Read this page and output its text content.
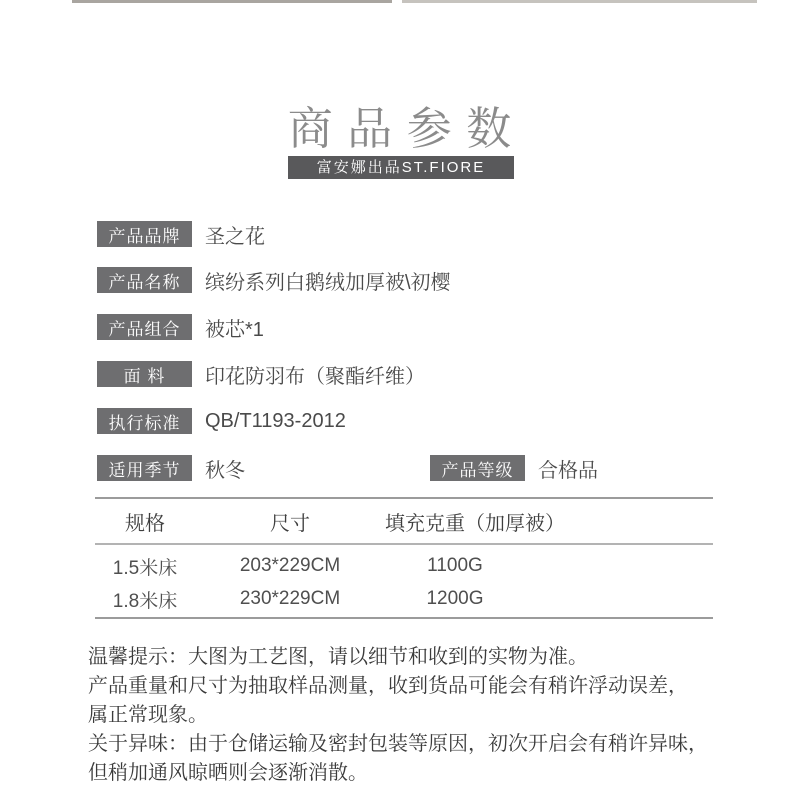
商 品 参 数
富安娜出品ST.FIORE
产品品牌	圣之花
产品名称	缤纷系列白鹅绒加厚被\初樱
产品组合	被芯*1
面 料	印花防羽布（聚酯纤维）
执行标准	QB/T1193-2012
适用季节	秋冬	产品等级	合格品
规格	尺寸	填充克重（加厚被）	
1.5米床	203*229CM	1100G	
1.8米床	230*229CM	1200G	
温馨提示：大图为工艺图，请以细节和收到的实物为准。
产品重量和尺寸为抽取样品测量，收到货品可能会有稍许浮动误差，
属正常现象。
关于异味：由于仓储运输及密封包装等原因，初次开启会有稍许异味，
但稍加通风晾晒则会逐渐消散。
